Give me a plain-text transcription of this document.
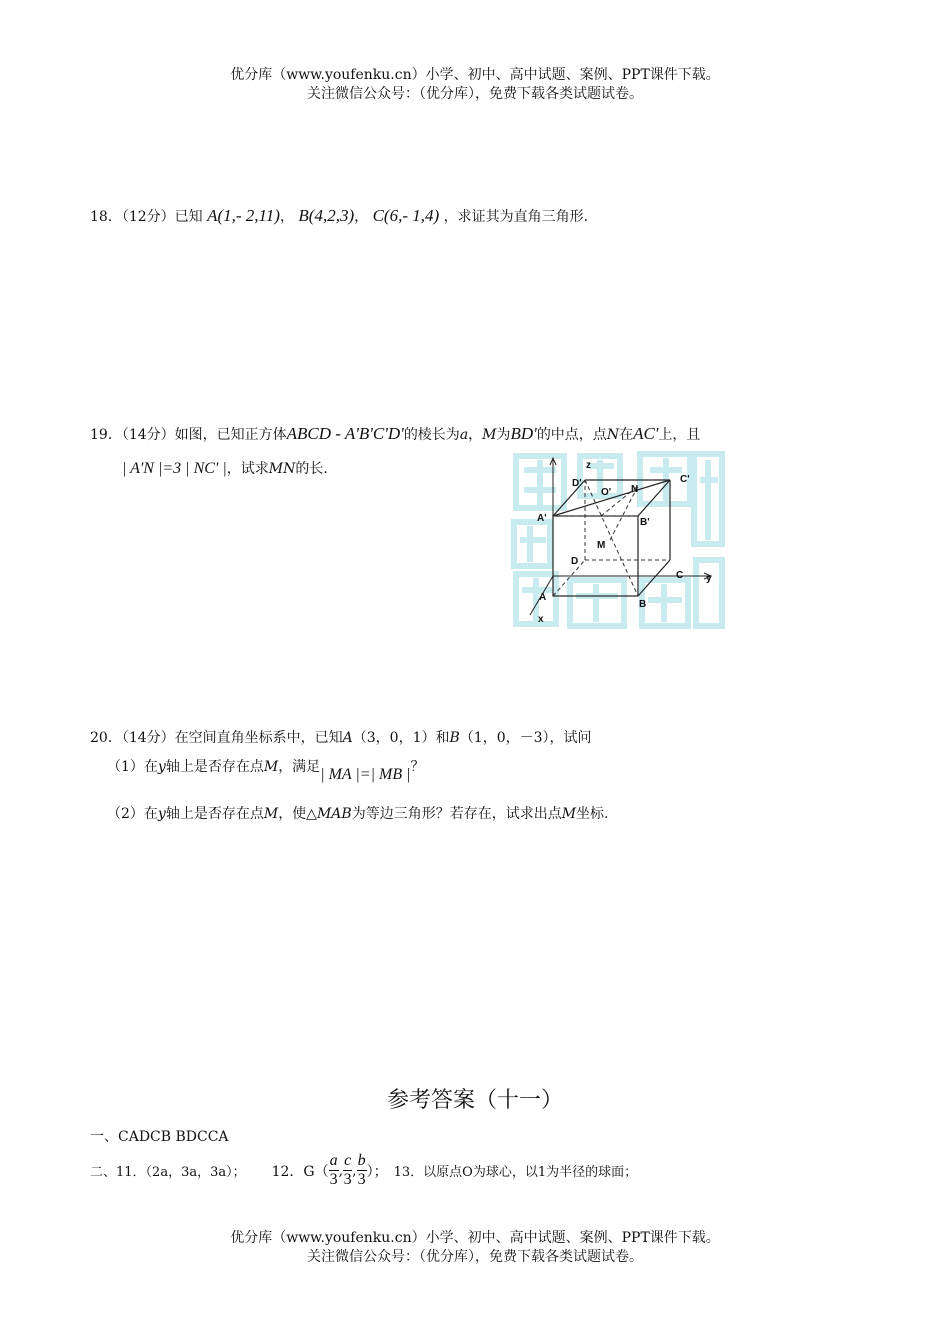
优分库（www.youfenku.cn）小学、初中、高中试题、案例、PPT课件下载。
关注微信公众号：（优分库），免费下载各类试题试卷。
18．（12分）已知 A(1,- 2,11)， B(4,2,3)， C(6,- 1,4) ，求证其为直角三角形.
19．（14分）如图，已知正方体ABCD - A'B'C'D'的棱长为a，M为BD'的中点，点N在AC'上，且
| A'N |=3 | NC' |，试求MN的长.	z
y
x
D'
O' N
C'
A'	B'
M
D
C
A
B
20．（14分）在空间直角坐标系中，已知A（3，0，1）和B（1，0，－3），试问
（1）在y轴上是否存在点M，满足| MA |=| MB |？
（2）在y轴上是否存在点M，使△MAB为等边三角形？若存在，试求出点M坐标.
参考答案（十一）
一、CADCB BDCCA
二、11．（2a，3a，3a）； 12．$G( \frac{a}{3}$ , $\frac{c}{3}$ , $\frac{b}{3}$ ）； 13．以原点O为球心，以1为半径的球面；
优分库（www.youfenku.cn）小学、初中、高中试题、案例、PPT课件下载。
关注微信公众号：（优分库），免费下载各类试题试卷。
